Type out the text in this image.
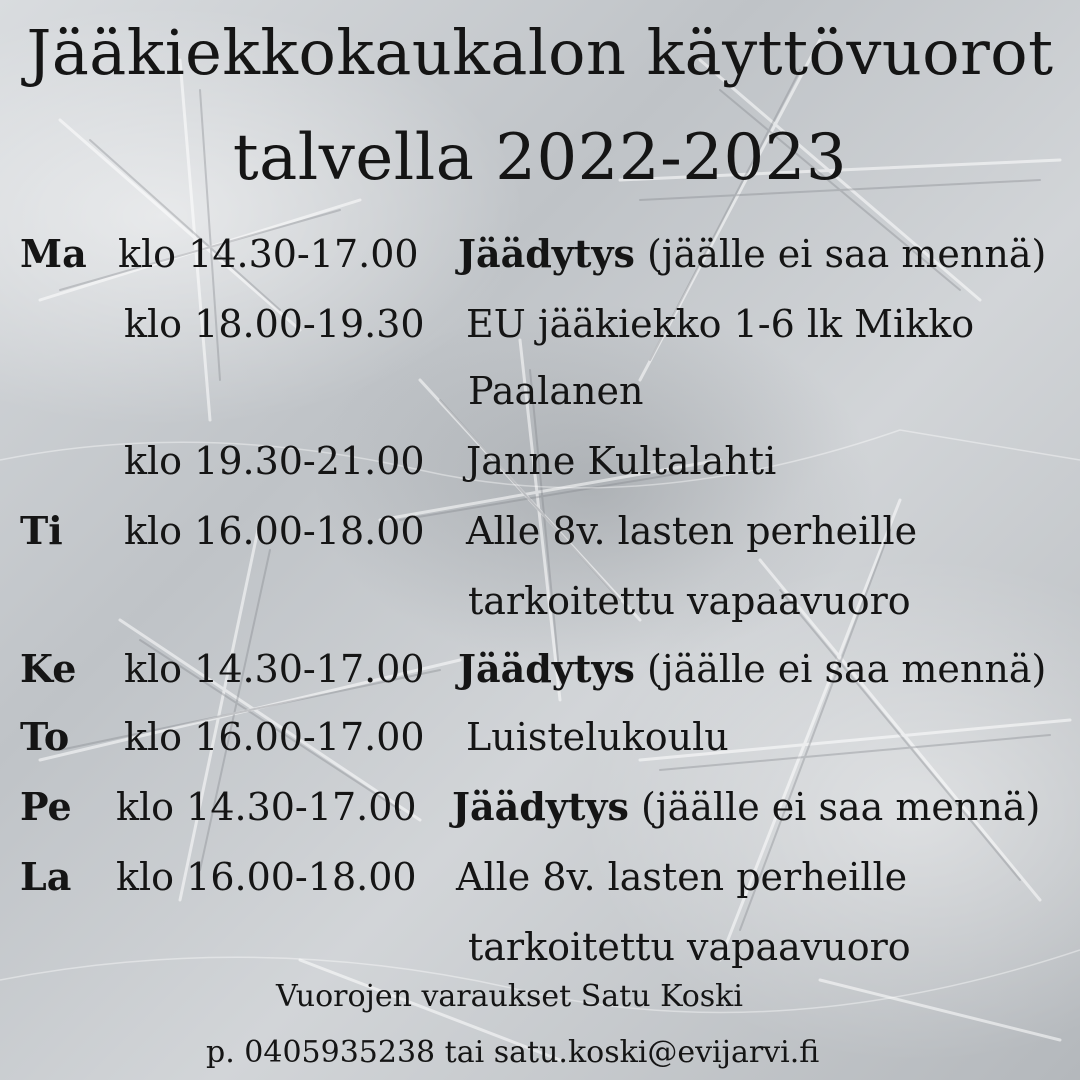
Jääkiekkokaukalon käyttövuorot
talvella 2022-2023
Ma klo 14.30-17.00 Jäädytys (jäälle ei saa mennä)
klo 18.00-19.30 EU jääkiekko 1-6 lk Mikko
Paalanen
klo 19.30-21.00 Janne Kultalahti
Ti klo 16.00-18.00 Alle 8v. lasten perheille
tarkoitettu vapaavuoro
Ke klo 14.30-17.00 Jäädytys (jäälle ei saa mennä)
To klo 16.00-17.00 Luistelukoulu
Pe klo 14.30-17.00 Jäädytys (jäälle ei saa mennä)
La klo 16.00-18.00 Alle 8v. lasten perheille
tarkoitettu vapaavuoro
Vuorojen varaukset Satu Koski
p. 0405935238 tai satu.koski@evijarvi.fi
